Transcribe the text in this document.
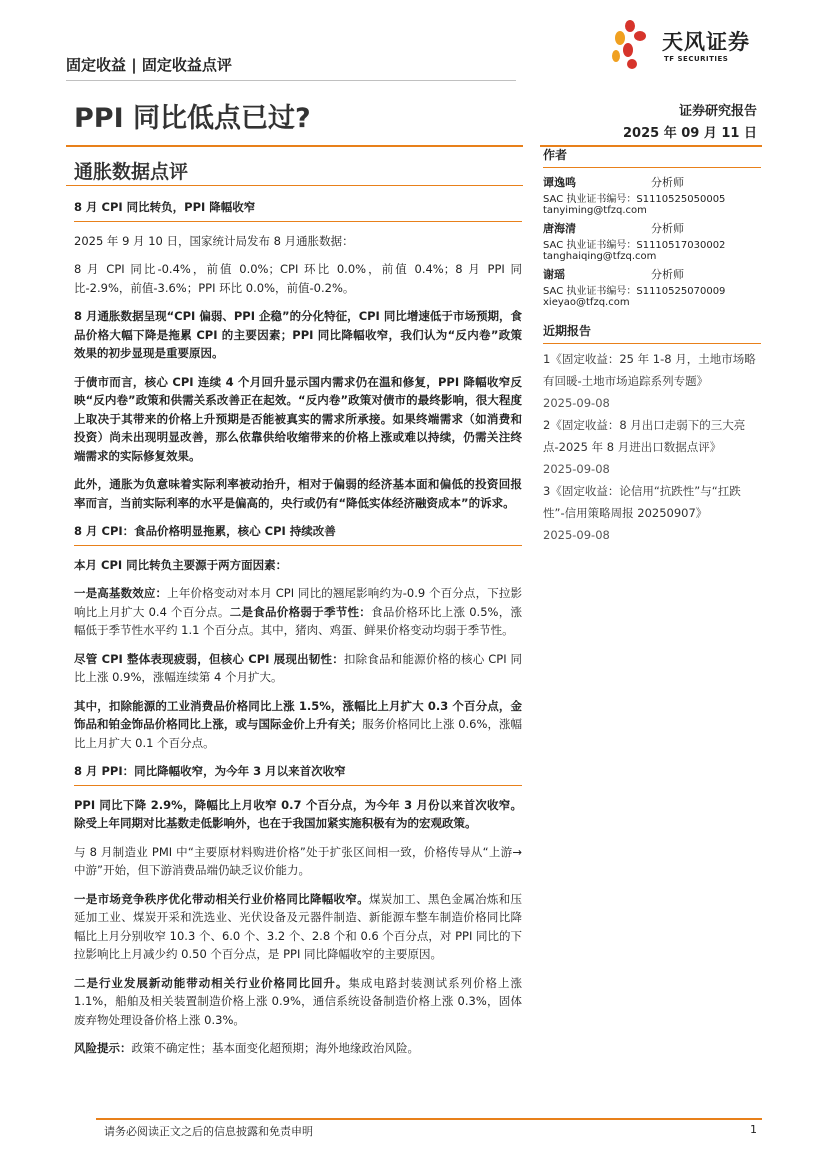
固定收益 | 固定收益点评
天风证券
TF SECURITIES
PPI 同比低点已过?	证券研究报告
2025 年 09 月 11 日
通胀数据点评

8 月 CPI 同比转负，PPI 降幅收窄

2025 年 9 月 10 日，国家统计局发布 8 月通胀数据：

8 月 CPI 同比-0.4%，前值 0.0%；CPI 环比 0.0%，前值 0.4%；8 月 PPI 同比-2.9%，前值-3.6%；PPI 环比 0.0%，前值-0.2%。

8 月通胀数据呈现“CPI 偏弱、PPI 企稳”的分化特征，CPI 同比增速低于市场预期，食品价格大幅下降是拖累 CPI 的主要因素；PPI 同比降幅收窄，我们认为“反内卷”政策效果的初步显现是重要原因。

于债市而言，核心 CPI 连续 4 个月回升显示国内需求仍在温和修复，PPI 降幅收窄反映“反内卷”政策和供需关系改善正在起效。“反内卷”政策对债市的最终影响，很大程度上取决于其带来的价格上升预期是否能被真实的需求所承接。如果终端需求（如消费和投资）尚未出现明显改善，那么依靠供给收缩带来的价格上涨或难以持续，仍需关注终端需求的实际修复效果。

此外，通胀为负意味着实际利率被动抬升，相对于偏弱的经济基本面和偏低的投资回报率而言，当前实际利率的水平是偏高的，央行或仍有“降低实体经济融资成本”的诉求。

8 月 CPI：食品价格明显拖累，核心 CPI 持续改善

本月 CPI 同比转负主要源于两方面因素：

一是高基数效应：上年价格变动对本月 CPI 同比的翘尾影响约为-0.9 个百分点，下拉影响比上月扩大 0.4 个百分点。二是食品价格弱于季节性：食品价格环比上涨 0.5%，涨幅低于季节性水平约 1.1 个百分点。其中，猪肉、鸡蛋、鲜果价格变动均弱于季节性。

尽管 CPI 整体表现疲弱，但核心 CPI 展现出韧性：扣除食品和能源价格的核心 CPI 同比上涨 0.9%，涨幅连续第 4 个月扩大。

其中，扣除能源的工业消费品价格同比上涨 1.5%，涨幅比上月扩大 0.3 个百分点，金饰品和铂金饰品价格同比上涨，或与国际金价上升有关；服务价格同比上涨 0.6%，涨幅比上月扩大 0.1 个百分点。

8 月 PPI：同比降幅收窄，为今年 3 月以来首次收窄

PPI 同比下降 2.9%，降幅比上月收窄 0.7 个百分点，为今年 3 月份以来首次收窄。除受上年同期对比基数走低影响外，也在于我国加紧实施积极有为的宏观政策。

与 8 月制造业 PMI 中“主要原材料购进价格”处于扩张区间相一致，价格传导从“上游→中游”开始，但下游消费品端仍缺乏议价能力。

一是市场竞争秩序优化带动相关行业价格同比降幅收窄。煤炭加工、黑色金属冶炼和压延加工业、煤炭开采和洗选业、光伏设备及元器件制造、新能源车整车制造价格同比降幅比上月分别收窄 10.3 个、6.0 个、3.2 个、2.8 个和 0.6 个百分点，对 PPI 同比的下拉影响比上月减少约 0.50 个百分点，是 PPI 同比降幅收窄的主要原因。

二是行业发展新动能带动相关行业价格同比回升。集成电路封装测试系列价格上涨 1.1%，船舶及相关装置制造价格上涨 0.9%，通信系统设备制造价格上涨 0.3%，固体废弃物处理设备价格上涨 0.3%。

风险提示：政策不确定性；基本面变化超预期；海外地缘政治风险。

作者
谭逸鸣	分析师
SAC 执业证书编号：S1110525050005
tanyiming@tfzq.com
唐海清	分析师
SAC 执业证书编号：S1110517030002
tanghaiqing@tfzq.com
谢瑶	分析师
SAC 执业证书编号：S1110525070009
xieyao@tfzq.com
近期报告
1《固定收益：25 年 1-8 月，土地市场略有回暖-土地市场追踪系列专题》
2025-09-08
2《固定收益：8 月出口走弱下的三大亮点-2025 年 8 月进出口数据点评》
2025-09-08
3《固定收益：论信用“抗跌性”与“扛跌性”-信用策略周报 20250907》
2025-09-08
请务必阅读正文之后的信息披露和免责申明	1
